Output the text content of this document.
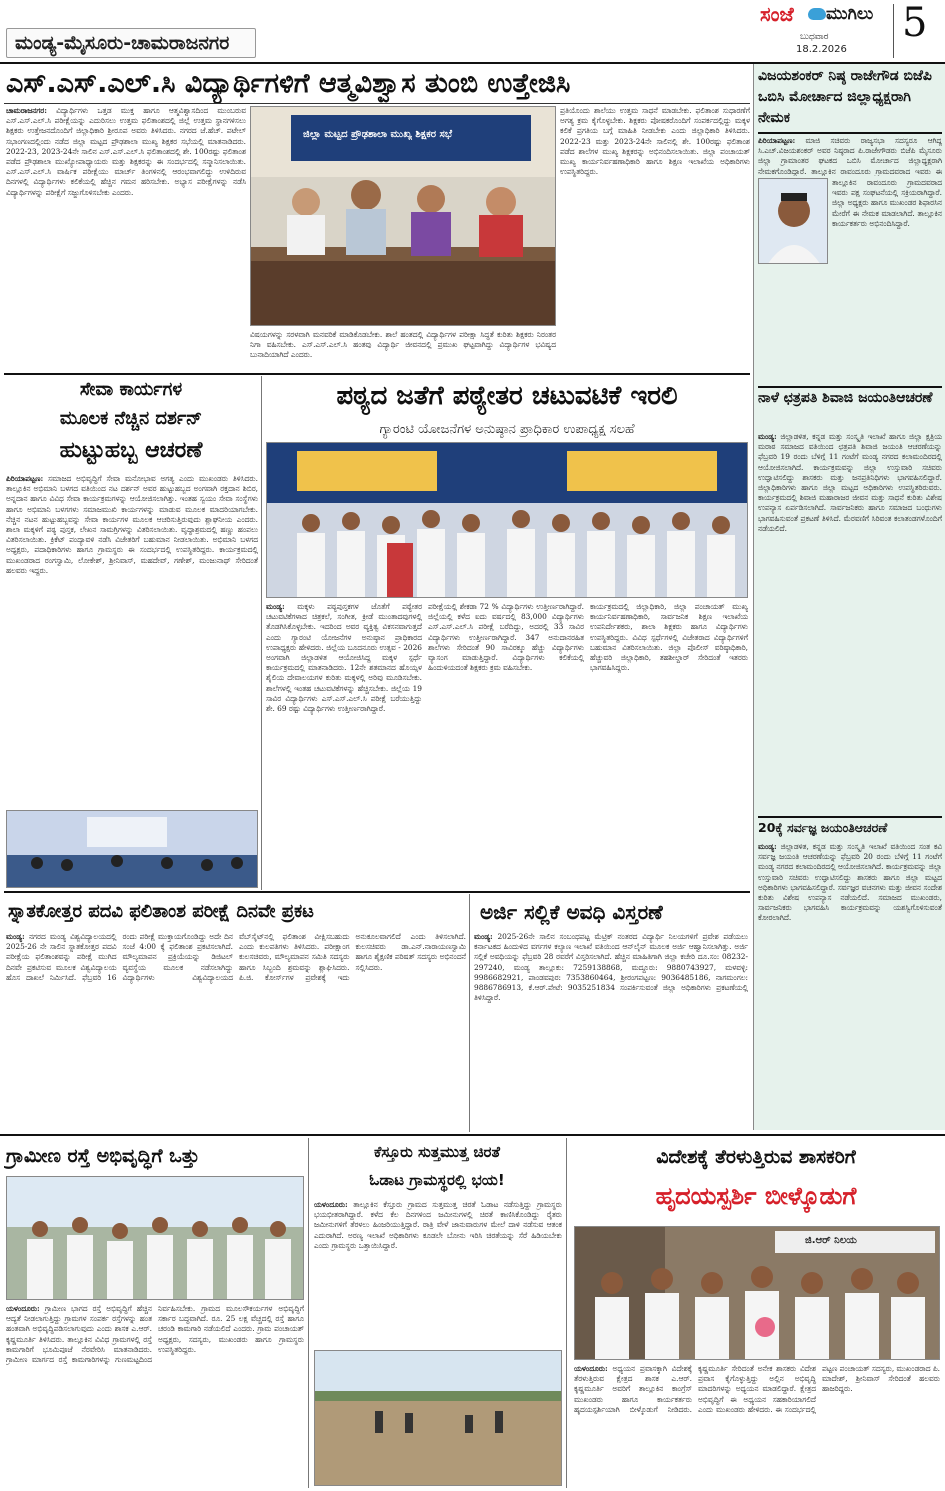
ಮಂಡ್ಯ-ಮೈಸೂರು-ಚಾಮರಾಜನಗರ
ಸಂಜೆ ಮುಗಿಲು
ಬುಧವಾರ
18.2.2026
5
ಎಸ್.ಎಸ್.ಎಲ್.ಸಿ ವಿದ್ಯಾರ್ಥಿಗಳಿಗೆ ಆತ್ಮವಿಶ್ವಾಸ ತುಂಬಿ ಉತ್ತೇಜಿಸಿ

ಚಾಮರಾಜನಗರ: ವಿದ್ಯಾರ್ಥಿಗಳು ಒತ್ತಡ ಮುಕ್ತ ಹಾಗೂ ಆತ್ಮವಿಶ್ವಾಸದಿಂದ ಮುಂಬರುವ ಎಸ್.ಎಸ್.ಎಲ್.ಸಿ ಪರೀಕ್ಷೆಯನ್ನು ಎದುರಿಸಲು ಉತ್ತಮ ಫಲಿತಾಂಶದಲ್ಲಿ ಜಿಲ್ಲೆ ಉತ್ತಮ ಸ್ಥಾನಗಳಿಸಲು ಶಿಕ್ಷಕರು ಉತ್ತೇಜನದೊಂದಿಗೆ ಜಿಲ್ಲಾಧಿಕಾರಿ ಶ್ರೀರೂಪ ಅವರು ತಿಳಿಸಿದರು. ನಗರದ ಜೆ.ಹೆಚ್. ಪಟೇಲ್ ಸಭಾಂಗಣದಲ್ಲಿಂದು ನಡೆದ ಜಿಲ್ಲಾ ಮಟ್ಟದ ಪ್ರೌಢಶಾಲಾ ಮುಖ್ಯ ಶಿಕ್ಷಕರ ಸಭೆಯಲ್ಲಿ ಮಾತನಾಡಿದರು. 2022-23, 2023-24ನೇ ಸಾಲಿನ ಎಸ್.ಎಸ್.ಎಲ್.ಸಿ ಫಲಿತಾಂಶದಲ್ಲಿ ಶೇ. 100ರಷ್ಟು ಫಲಿತಾಂಶ ಪಡೆದ ಪ್ರೌಢಶಾಲಾ ಮುಖ್ಯೋಪಾಧ್ಯಾಯರು ಮತ್ತು ಶಿಕ್ಷಕರನ್ನು ಈ ಸಂದರ್ಭದಲ್ಲಿ ಸನ್ಮಾನಿಸಲಾಯಿತು. ಎಸ್.ಎಸ್.ಎಲ್.ಸಿ ವಾರ್ಷಿಕ ಪರೀಕ್ಷೆಯು ಮಾರ್ಚ್ ತಿಂಗಳಿನಲ್ಲಿ ಆರಂಭವಾಗಲಿದ್ದು ಉಳಿದಿರುವ ದಿನಗಳಲ್ಲಿ ವಿದ್ಯಾರ್ಥಿಗಳು ಕಲಿಕೆಯಲ್ಲಿ ಹೆಚ್ಚಿನ ಗಮನ ಹರಿಸಬೇಕು. ಅಭ್ಯಾಸ ಪರೀಕ್ಷೆಗಳನ್ನು ನಡೆಸಿ ವಿದ್ಯಾರ್ಥಿಗಳನ್ನು ಪರೀಕ್ಷೆಗೆ ಸಜ್ಜುಗೊಳಿಸಬೇಕು ಎಂದರು.

ಜಿಲ್ಲಾ ಮಟ್ಟದ ಪ್ರೌಢಶಾಲಾ ಮುಖ್ಯ ಶಿಕ್ಷಕರ ಸಭೆ

ವಿಷಯಗಳನ್ನು ಸರಳವಾಗಿ ಮನವರಿಕೆ ಮಾಡಿಕೊಡಬೇಕು. ಶಾಲೆ ಹಂತದಲ್ಲಿ ವಿದ್ಯಾರ್ಥಿಗಳ ಪರೀಕ್ಷಾ ಸಿದ್ಧತೆ ಕುರಿತು ಶಿಕ್ಷಕರು ನಿರಂತರ ನಿಗಾ ವಹಿಸಬೇಕು. ಎಸ್.ಎಸ್.ಎಲ್.ಸಿ ಹಂತವು ವಿದ್ಯಾರ್ಥಿ ಜೀವನದಲ್ಲಿ ಪ್ರಮುಖ ಘಟ್ಟವಾಗಿದ್ದು ವಿದ್ಯಾರ್ಥಿಗಳ ಭವಿಷ್ಯದ ಬುನಾದಿಯಾಗಿದೆ ಎಂದರು.

ಪ್ರತಿಯೊಂದು ಶಾಲೆಯು ಉತ್ತಮ ಸಾಧನೆ ಮಾಡಬೇಕು. ಫಲಿತಾಂಶ ಸುಧಾರಣೆಗೆ ಅಗತ್ಯ ಕ್ರಮ ಕೈಗೊಳ್ಳಬೇಕು. ಶಿಕ್ಷಕರು ಪೋಷಕರೊಂದಿಗೆ ಸಂಪರ್ಕದಲ್ಲಿದ್ದು ಮಕ್ಕಳ ಕಲಿಕೆ ಪ್ರಗತಿಯ ಬಗ್ಗೆ ಮಾಹಿತಿ ನೀಡಬೇಕು ಎಂದು ಜಿಲ್ಲಾಧಿಕಾರಿ ತಿಳಿಸಿದರು. 2022-23 ಮತ್ತು 2023-24ನೇ ಸಾಲಿನಲ್ಲಿ ಶೇ. 100ರಷ್ಟು ಫಲಿತಾಂಶ ಪಡೆದ ಶಾಲೆಗಳ ಮುಖ್ಯ ಶಿಕ್ಷಕರನ್ನು ಅಭಿನಂದಿಸಲಾಯಿತು. ಜಿಲ್ಲಾ ಪಂಚಾಯತ್ ಮುಖ್ಯ ಕಾರ್ಯನಿರ್ವಹಣಾಧಿಕಾರಿ ಹಾಗೂ ಶಿಕ್ಷಣ ಇಲಾಖೆಯ ಅಧಿಕಾರಿಗಳು ಉಪಸ್ಥಿತರಿದ್ದರು.

ವಿಜಯಶಂಕರ್ ನಿಷ್ಠ ರಾಜೇಗೌಡ ಬಿಜೆಪಿ ಒಬಿಸಿ ಮೋರ್ಚಾದ ಜಿಲ್ಲಾಧ್ಯಕ್ಷರಾಗಿ ನೇಮಕ

ಪಿರಿಯಾಪಟ್ಟಣ: ಮಾಜಿ ಸಚಿವರು ರಾಜ್ಯಸಭಾ ಸದಸ್ಯರೂ ಆಗಿದ್ದ ಸಿ.ಎಚ್.ವಿಜಯಶಂಕರ್ ಅವರ ನಿಷ್ಠರಾದ ಪಿ.ರಾಜೇಗೌಡರು ಬಿಜೆಪಿ ಮೈಸೂರು ಜಿಲ್ಲಾ ಗ್ರಾಮಾಂತರ ಘಟಕದ ಒಬಿಸಿ ಮೋರ್ಚಾದ ಜಿಲ್ಲಾಧ್ಯಕ್ಷರಾಗಿ ನೇಮಕಗೊಂಡಿದ್ದಾರೆ. ತಾಲ್ಲೂಕಿನ ರಾವಂದೂರು ಗ್ರಾಮದವರಾದ ಇವರು ಈ

ತಾಲ್ಲೂಕಿನ ರಾವಂದೂರು ಗ್ರಾಮದವರಾದ ಇವರು ಪಕ್ಷ ಸಂಘಟನೆಯಲ್ಲಿ ಸಕ್ರಿಯರಾಗಿದ್ದಾರೆ. ಜಿಲ್ಲಾ ಅಧ್ಯಕ್ಷರು ಹಾಗೂ ಮುಖಂಡರ ಶಿಫಾರಸಿನ ಮೇರೆಗೆ ಈ ನೇಮಕ ಮಾಡಲಾಗಿದೆ. ತಾಲ್ಲೂಕಿನ ಕಾರ್ಯಕರ್ತರು ಅಭಿನಂದಿಸಿದ್ದಾರೆ.

ನಾಳೆ ಛತ್ರಪತಿ ಶಿವಾಜಿ ಜಯಂತಿಆಚರಣೆ

ಮಂಡ್ಯ: ಜಿಲ್ಲಾಡಳಿತ, ಕನ್ನಡ ಮತ್ತು ಸಂಸ್ಕೃತಿ ಇಲಾಖೆ ಹಾಗೂ ಜಿಲ್ಲಾ ಕ್ಷತ್ರಿಯ ಮರಾಠ ಸಮಾಜದ ವತಿಯಿಂದ ಛತ್ರಪತಿ ಶಿವಾಜಿ ಜಯಂತಿ ಆಚರಣೆಯನ್ನು ಫೆಬ್ರವರಿ 19 ರಂದು ಬೆಳಿಗ್ಗೆ 11 ಗಂಟೆಗೆ ಮಂಡ್ಯ ನಗರದ ಕಲಾಮಂದಿರದಲ್ಲಿ ಆಯೋಜಿಸಲಾಗಿದೆ. ಕಾರ್ಯಕ್ರಮವನ್ನು ಜಿಲ್ಲಾ ಉಸ್ತುವಾರಿ ಸಚಿವರು ಉದ್ಘಾಟಿಸಲಿದ್ದು ಶಾಸಕರು ಮತ್ತು ಜನಪ್ರತಿನಿಧಿಗಳು ಭಾಗವಹಿಸಲಿದ್ದಾರೆ. ಜಿಲ್ಲಾಧಿಕಾರಿಗಳು ಹಾಗೂ ಜಿಲ್ಲಾ ಮಟ್ಟದ ಅಧಿಕಾರಿಗಳು ಉಪಸ್ಥಿತರಿರುವರು. ಕಾರ್ಯಕ್ರಮದಲ್ಲಿ ಶಿವಾಜಿ ಮಹಾರಾಜರ ಜೀವನ ಮತ್ತು ಸಾಧನೆ ಕುರಿತು ವಿಶೇಷ ಉಪನ್ಯಾಸ ಏರ್ಪಡಿಸಲಾಗಿದೆ. ಸಾರ್ವಜನಿಕರು ಹಾಗೂ ಸಮಾಜದ ಬಂಧುಗಳು ಭಾಗವಹಿಸುವಂತೆ ಪ್ರಕಟಣೆ ತಿಳಿಸಿದೆ. ಮೆರವಣಿಗೆ ಸಿರಿವಂತ ಕಲಾತಂಡಗಳೊಂದಿಗೆ ನಡೆಯಲಿದೆ.

20ಕ್ಕೆ ಸರ್ವಜ್ಞ ಜಯಂತಿಆಚರಣೆ

ಮಂಡ್ಯ: ಜಿಲ್ಲಾಡಳಿತ, ಕನ್ನಡ ಮತ್ತು ಸಂಸ್ಕೃತಿ ಇಲಾಖೆ ವತಿಯಿಂದ ಸಂತ ಕವಿ ಸರ್ವಜ್ಞ ಜಯಂತಿ ಆಚರಣೆಯನ್ನು ಫೆಬ್ರವರಿ 20 ರಂದು ಬೆಳಿಗ್ಗೆ 11 ಗಂಟೆಗೆ ಮಂಡ್ಯ ನಗರದ ಕಲಾಮಂದಿರದಲ್ಲಿ ಆಯೋಜಿಸಲಾಗಿದೆ. ಕಾರ್ಯಕ್ರಮವನ್ನು ಜಿಲ್ಲಾ ಉಸ್ತುವಾರಿ ಸಚಿವರು ಉದ್ಘಾಟಿಸಲಿದ್ದು ಶಾಸಕರು ಹಾಗೂ ಜಿಲ್ಲಾ ಮಟ್ಟದ ಅಧಿಕಾರಿಗಳು ಭಾಗವಹಿಸಲಿದ್ದಾರೆ. ಸರ್ವಜ್ಞರ ವಚನಗಳು ಮತ್ತು ಜೀವನ ಸಂದೇಶ ಕುರಿತು ವಿಶೇಷ ಉಪನ್ಯಾಸ ನಡೆಯಲಿದೆ. ಸಮಾಜದ ಮುಖಂಡರು, ಸಾರ್ವಜನಿಕರು ಭಾಗವಹಿಸಿ ಕಾರ್ಯಕ್ರಮವನ್ನು ಯಶಸ್ವಿಗೊಳಿಸುವಂತೆ ಕೋರಲಾಗಿದೆ.

ಸೇವಾ ಕಾರ್ಯಗಳ

ಮೂಲಕ ನೆಚ್ಚಿನ ದರ್ಶನ್

ಹುಟ್ಟುಹಬ್ಬ ಆಚರಣೆ

ಪಿರಿಯಾಪಟ್ಟಣ: ಸಮಾಜದ ಅಭಿವೃದ್ಧಿಗೆ ಸೇವಾ ಮನೋಭಾವ ಅಗತ್ಯ ಎಂದು ಮುಖಂಡರು ತಿಳಿಸಿದರು. ತಾಲ್ಲೂಕಿನ ಅಭಿಮಾನಿ ಬಳಗದ ವತಿಯಿಂದ ನಟ ದರ್ಶನ್ ಅವರ ಹುಟ್ಟುಹಬ್ಬದ ಅಂಗವಾಗಿ ರಕ್ತದಾನ ಶಿಬಿರ, ಅನ್ನದಾನ ಹಾಗೂ ವಿವಿಧ ಸೇವಾ ಕಾರ್ಯಕ್ರಮಗಳನ್ನು ಆಯೋಜಿಸಲಾಗಿತ್ತು. ಇಂತಹ ಸ್ವಯಂ ಸೇವಾ ಸಂಸ್ಥೆಗಳು ಹಾಗೂ ಅಭಿಮಾನಿ ಬಳಗಗಳು ಸಮಾಜಮುಖಿ ಕಾರ್ಯಗಳನ್ನು ಮಾಡುವ ಮೂಲಕ ಮಾದರಿಯಾಗಬೇಕು. ನೆಚ್ಚಿನ ನಟನ ಹುಟ್ಟುಹಬ್ಬವನ್ನು ಸೇವಾ ಕಾರ್ಯಗಳ ಮೂಲಕ ಆಚರಿಸುತ್ತಿರುವುದು ಶ್ಲಾಘನೀಯ ಎಂದರು. ಶಾಲಾ ಮಕ್ಕಳಿಗೆ ಪಠ್ಯ ಪುಸ್ತಕ, ಲೇಖನ ಸಾಮಗ್ರಿಗಳನ್ನು ವಿತರಿಸಲಾಯಿತು. ವೃದ್ಧಾಶ್ರಮದಲ್ಲಿ ಹಣ್ಣು ಹಂಪಲು ವಿತರಿಸಲಾಯಿತು. ಕ್ರಿಕೆಟ್ ಪಂದ್ಯಾವಳಿ ನಡೆಸಿ ವಿಜೇತರಿಗೆ ಬಹುಮಾನ ನೀಡಲಾಯಿತು. ಅಭಿಮಾನಿ ಬಳಗದ ಅಧ್ಯಕ್ಷರು, ಪದಾಧಿಕಾರಿಗಳು ಹಾಗೂ ಗ್ರಾಮಸ್ಥರು ಈ ಸಂದರ್ಭದಲ್ಲಿ ಉಪಸ್ಥಿತರಿದ್ದರು. ಕಾರ್ಯಕ್ರಮದಲ್ಲಿ ಮುಖಂಡರಾದ ರಂಗಸ್ವಾಮಿ, ಲೋಕೇಶ್, ಶ್ರೀನಿವಾಸ್, ಮಹದೇವ್, ಗಣೇಶ್, ಮಂಜುನಾಥ್ ಸೇರಿದಂತೆ ಹಲವರು ಇದ್ದರು.

ಪಠ್ಯದ ಜತೆಗೆ ಪಠ್ಯೇತರ ಚಟುವಟಿಕೆ ಇರಲಿ
ಗ್ಯಾರಂಟಿ ಯೋಜನೆಗಳ ಅನುಷ್ಠಾನ ಪ್ರಾಧಿಕಾರ ಉಪಾಧ್ಯಕ್ಷ ಸಲಹೆ

ಮಂಡ್ಯ: ಮಕ್ಕಳು ಪಠ್ಯಪುಸ್ತಕಗಳ ಜೊತೆಗೆ ಪಠ್ಯೇತರ ಚಟುವಟಿಕೆಗಳಾದ ಚಿತ್ರಕಲೆ, ಸಂಗೀತ, ಕ್ರೀಡೆ ಮುಂತಾದವುಗಳಲ್ಲಿ ತೊಡಗಿಸಿಕೊಳ್ಳಬೇಕು. ಇದರಿಂದ ಅವರ ವ್ಯಕ್ತಿತ್ವ ವಿಕಸನವಾಗುತ್ತದೆ ಎಂದು ಗ್ಯಾರಂಟಿ ಯೋಜನೆಗಳ ಅನುಷ್ಠಾನ ಪ್ರಾಧಿಕಾರದ ಉಪಾಧ್ಯಕ್ಷರು ಹೇಳಿದರು. ಜಿಲ್ಲೆಯ ಬೂದನೂರು ಉತ್ಸವ - 2026 ಅಂಗವಾಗಿ ಜಿಲ್ಲಾಡಳಿತ ಆಯೋಜಿಸಿದ್ದ ಮಕ್ಕಳ ಸ್ಪರ್ಧೆ ಕಾರ್ಯಕ್ರಮದಲ್ಲಿ ಮಾತನಾಡಿದರು. 12ನೇ ಶತಮಾನದ ಹೊಯ್ಸಳ ಶೈಲಿಯ ದೇವಾಲಯಗಳ ಕುರಿತು ಮಕ್ಕಳಲ್ಲಿ ಅರಿವು ಮೂಡಿಸಬೇಕು. ಶಾಲೆಗಳಲ್ಲಿ ಇಂತಹ ಚಟುವಟಿಕೆಗಳನ್ನು ಹೆಚ್ಚಿಸಬೇಕು. ಜಿಲ್ಲೆಯ 19 ಸಾವಿರ ವಿದ್ಯಾರ್ಥಿಗಳು ಎಸ್.ಎಸ್.ಎಲ್.ಸಿ ಪರೀಕ್ಷೆ ಬರೆಯುತ್ತಿದ್ದು ಶೇ. 69 ರಷ್ಟು ವಿದ್ಯಾರ್ಥಿಗಳು ಉತ್ತೀರ್ಣರಾಗಿದ್ದಾರೆ.

ಪರೀಕ್ಷೆಯಲ್ಲಿ ಶೇಕಡಾ 72 % ವಿದ್ಯಾರ್ಥಿಗಳು ಉತ್ತೀರ್ಣರಾಗಿದ್ದಾರೆ. ಜಿಲ್ಲೆಯಲ್ಲಿ ಕಳೆದ ಐದು ವರ್ಷದಲ್ಲಿ 83,000 ವಿದ್ಯಾರ್ಥಿಗಳು ಎಸ್.ಎಸ್.ಎಲ್.ಸಿ ಪರೀಕ್ಷೆ ಬರೆದಿದ್ದು, ಅದರಲ್ಲಿ 33 ಸಾವಿರ ವಿದ್ಯಾರ್ಥಿಗಳು ಉತ್ತೀರ್ಣರಾಗಿದ್ದಾರೆ. 347 ಅನುದಾನರಹಿತ ಶಾಲೆಗಳು ಸೇರಿದಂತೆ 90 ಸಾವಿರಕ್ಕೂ ಹೆಚ್ಚು ವಿದ್ಯಾರ್ಥಿಗಳು ವ್ಯಾಸಂಗ ಮಾಡುತ್ತಿದ್ದಾರೆ. ವಿದ್ಯಾರ್ಥಿಗಳು ಕಲಿಕೆಯಲ್ಲಿ ಹಿಂದುಳಿಯದಂತೆ ಶಿಕ್ಷಕರು ಕ್ರಮ ವಹಿಸಬೇಕು.

ಕಾರ್ಯಕ್ರಮದಲ್ಲಿ ಜಿಲ್ಲಾಧಿಕಾರಿ, ಜಿಲ್ಲಾ ಪಂಚಾಯತ್ ಮುಖ್ಯ ಕಾರ್ಯನಿರ್ವಹಣಾಧಿಕಾರಿ, ಸಾರ್ವಜನಿಕ ಶಿಕ್ಷಣ ಇಲಾಖೆಯ ಉಪನಿರ್ದೇಶಕರು, ಶಾಲಾ ಶಿಕ್ಷಕರು ಹಾಗೂ ವಿದ್ಯಾರ್ಥಿಗಳು ಉಪಸ್ಥಿತರಿದ್ದರು. ವಿವಿಧ ಸ್ಪರ್ಧೆಗಳಲ್ಲಿ ವಿಜೇತರಾದ ವಿದ್ಯಾರ್ಥಿಗಳಿಗೆ ಬಹುಮಾನ ವಿತರಿಸಲಾಯಿತು. ಜಿಲ್ಲಾ ಪೊಲೀಸ್ ವರಿಷ್ಠಾಧಿಕಾರಿ, ಹೆಚ್ಚುವರಿ ಜಿಲ್ಲಾಧಿಕಾರಿ, ತಹಶೀಲ್ದಾರ್ ಸೇರಿದಂತೆ ಇತರರು ಭಾಗವಹಿಸಿದ್ದರು.

ಸ್ನಾತಕೋತ್ತರ ಪದವಿ ಫಲಿತಾಂಶ ಪರೀಕ್ಷೆ ದಿನವೇ ಪ್ರಕಟ

ಮಂಡ್ಯ: ನಗರದ ಮಂಡ್ಯ ವಿಶ್ವವಿದ್ಯಾಲಯದಲ್ಲಿ 2025-26 ನೇ ಸಾಲಿನ ಸ್ನಾತಕೋತ್ತರ ಪದವಿ ಪರೀಕ್ಷೆಯ ಫಲಿತಾಂಶವನ್ನು ಪರೀಕ್ಷೆ ಮುಗಿದ ದಿನವೇ ಪ್ರಕಟಿಸುವ ಮೂಲಕ ವಿಶ್ವವಿದ್ಯಾಲಯ ಹೊಸ ದಾಖಲೆ ನಿರ್ಮಿಸಿದೆ. ಫೆಬ್ರವರಿ 16 ರಂದು ಪರೀಕ್ಷೆ ಮುಕ್ತಾಯಗೊಂಡಿದ್ದು ಅದೇ ದಿನ ಸಂಜೆ 4:00 ಕ್ಕೆ ಫಲಿತಾಂಶ ಪ್ರಕಟಿಸಲಾಗಿದೆ. ಮೌಲ್ಯಮಾಪನ ಪ್ರಕ್ರಿಯೆಯನ್ನು ಡಿಜಿಟಲ್ ವ್ಯವಸ್ಥೆಯ ಮೂಲಕ ನಡೆಸಲಾಗಿದ್ದು ವಿದ್ಯಾರ್ಥಿಗಳು ವಿಶ್ವವಿದ್ಯಾಲಯದ ವೆಬ್‌ಸೈಟ್‌ನಲ್ಲಿ ಫಲಿತಾಂಶ ವೀಕ್ಷಿಸಬಹುದು ಎಂದು ಕುಲಪತಿಗಳು ತಿಳಿಸಿದರು. ಪರೀಕ್ಷಾಂಗ ಕುಲಸಚಿವರು, ಮೌಲ್ಯಮಾಪನ ಸಮಿತಿ ಸದಸ್ಯರು ಹಾಗೂ ಸಿಬ್ಬಂದಿ ಶ್ರಮವನ್ನು ಶ್ಲಾಘಿಸಿದರು. ಪಿ.ಜಿ. ಕೋರ್ಸ್‌ಗಳ ಪ್ರವೇಶಕ್ಕೆ ಇದು ಅನುಕೂಲವಾಗಲಿದೆ ಎಂದು ತಿಳಿಸಲಾಗಿದೆ. ಕುಲಸಚಿವರು ಡಾ.ಎನ್.ನಾರಾಯಣಸ್ವಾಮಿ ಹಾಗೂ ಶೈಕ್ಷಣಿಕ ಪರಿಷತ್ ಸದಸ್ಯರು ಅಭಿನಂದನೆ ಸಲ್ಲಿಸಿದರು.

ಅರ್ಜಿ ಸಲ್ಲಿಕೆ ಅವಧಿ ವಿಸ್ತರಣೆ

ಮಂಡ್ಯ: 2025-26ನೇ ಸಾಲಿನ ಸಂಬಂಧಪಟ್ಟ ಮೆಟ್ರಿಕ್ ನಂತರದ ವಿದ್ಯಾರ್ಥಿ ನಿಲಯಗಳಿಗೆ ಪ್ರವೇಶ ಪಡೆಯಲು ಕರ್ನಾಟಕದ ಹಿಂದುಳಿದ ವರ್ಗಗಳ ಕಲ್ಯಾಣ ಇಲಾಖೆ ವತಿಯಿಂದ ಆನ್‌ಲೈನ್ ಮೂಲಕ ಅರ್ಜಿ ಆಹ್ವಾನಿಸಲಾಗಿತ್ತು. ಅರ್ಜಿ ಸಲ್ಲಿಕೆ ಅವಧಿಯನ್ನು ಫೆಬ್ರವರಿ 28 ರವರೆಗೆ ವಿಸ್ತರಿಸಲಾಗಿದೆ. ಹೆಚ್ಚಿನ ಮಾಹಿತಿಗಾಗಿ ಜಿಲ್ಲಾ ಕಚೇರಿ ದೂ.ಸಂ: 08232-297240, ಮಂಡ್ಯ ತಾಲ್ಲೂಕು: 7259138868, ಮದ್ದೂರು: 9880743927, ಮಳವಳ್ಳಿ: 9986682921, ಪಾಂಡವಪುರ: 7353860464, ಶ್ರೀರಂಗಪಟ್ಟಣ: 9036485186, ನಾಗಮಂಗಲ: 9886786913, ಕೆ.ಆರ್.ಪೇಟೆ: 9035251834 ಸಂಪರ್ಕಿಸುವಂತೆ ಜಿಲ್ಲಾ ಅಧಿಕಾರಿಗಳು ಪ್ರಕಟಣೆಯಲ್ಲಿ ತಿಳಿಸಿದ್ದಾರೆ.

ಗ್ರಾಮೀಣ ರಸ್ತೆ ಅಭಿವೃದ್ಧಿಗೆ ಒತ್ತು

ಯಳಂದೂರು: ಗ್ರಾಮೀಣ ಭಾಗದ ರಸ್ತೆ ಅಭಿವೃದ್ಧಿಗೆ ಹೆಚ್ಚಿನ ಆದ್ಯತೆ ನೀಡಲಾಗುತ್ತಿದ್ದು ಗ್ರಾಮಗಳ ಸಂಪರ್ಕ ರಸ್ತೆಗಳನ್ನು ಹಂತ ಹಂತವಾಗಿ ಅಭಿವೃದ್ಧಿಪಡಿಸಲಾಗುವುದು ಎಂದು ಶಾಸಕ ಎ.ಆರ್. ಕೃಷ್ಣಮೂರ್ತಿ ತಿಳಿಸಿದರು. ತಾಲ್ಲೂಕಿನ ವಿವಿಧ ಗ್ರಾಮಗಳಲ್ಲಿ ರಸ್ತೆ ಕಾಮಗಾರಿಗೆ ಭೂಮಿಪೂಜೆ ನೆರವೇರಿಸಿ ಮಾತನಾಡಿದರು. ಗ್ರಾಮೀಣ ಮಾರ್ಗದ ರಸ್ತೆ ಕಾಮಗಾರಿಗಳನ್ನು ಗುಣಮಟ್ಟದಿಂದ ನಿರ್ವಹಿಸಬೇಕು. ಗ್ರಾಮದ ಮೂಲಸೌಕರ್ಯಗಳ ಅಭಿವೃದ್ಧಿಗೆ ಸರ್ಕಾರ ಬದ್ಧವಾಗಿದೆ. ರೂ. 25 ಲಕ್ಷ ವೆಚ್ಚದಲ್ಲಿ ರಸ್ತೆ ಹಾಗೂ ಚರಂಡಿ ಕಾಮಗಾರಿ ನಡೆಯಲಿದೆ ಎಂದರು. ಗ್ರಾಮ ಪಂಚಾಯತ್ ಅಧ್ಯಕ್ಷರು, ಸದಸ್ಯರು, ಮುಖಂಡರು ಹಾಗೂ ಗ್ರಾಮಸ್ಥರು ಉಪಸ್ಥಿತರಿದ್ದರು.

ಕೆಸ್ತೂರು ಸುತ್ತಮುತ್ತ ಚಿರತೆ

ಓಡಾಟ ಗ್ರಾಮಸ್ಥರಲ್ಲಿ ಭಯ!

ಯಳಂದೂರು: ತಾಲ್ಲೂಕಿನ ಕೆಸ್ತೂರು ಗ್ರಾಮದ ಸುತ್ತಮುತ್ತ ಚಿರತೆ ಓಡಾಟ ನಡೆಸುತ್ತಿದ್ದು ಗ್ರಾಮಸ್ಥರು ಭಯಭೀತರಾಗಿದ್ದಾರೆ. ಕಳೆದ ಕೆಲ ದಿನಗಳಿಂದ ಜಮೀನುಗಳಲ್ಲಿ ಚಿರತೆ ಕಾಣಿಸಿಕೊಂಡಿದ್ದು ರೈತರು ಜಮೀನುಗಳಿಗೆ ತೆರಳಲು ಹಿಂಜರಿಯುತ್ತಿದ್ದಾರೆ. ರಾತ್ರಿ ವೇಳೆ ಜಾನುವಾರುಗಳ ಮೇಲೆ ದಾಳಿ ನಡೆಸುವ ಆತಂಕ ಎದುರಾಗಿದೆ. ಅರಣ್ಯ ಇಲಾಖೆ ಅಧಿಕಾರಿಗಳು ಕೂಡಲೇ ಬೋನು ಇರಿಸಿ ಚಿರತೆಯನ್ನು ಸೆರೆ ಹಿಡಿಯಬೇಕು ಎಂದು ಗ್ರಾಮಸ್ಥರು ಒತ್ತಾಯಿಸಿದ್ದಾರೆ.

ವಿದೇಶಕ್ಕೆ ತೆರಳುತ್ತಿರುವ ಶಾಸಕರಿಗೆ

ಹೃದಯಸ್ಪರ್ಶಿ ಬೀಳ್ಕೊಡುಗೆ

ಜಿ.ಆರ್ ನಿಲಯ

ಯಳಂದೂರು: ಅಧ್ಯಯನ ಪ್ರವಾಸಕ್ಕಾಗಿ ವಿದೇಶಕ್ಕೆ ತೆರಳುತ್ತಿರುವ ಕ್ಷೇತ್ರದ ಶಾಸಕ ಎ.ಆರ್. ಕೃಷ್ಣಮೂರ್ತಿ ಅವರಿಗೆ ತಾಲ್ಲೂಕಿನ ಕಾಂಗ್ರೆಸ್ ಮುಖಂಡರು ಹಾಗೂ ಕಾರ್ಯಕರ್ತರು ಹೃದಯಸ್ಪರ್ಶಿಯಾಗಿ ಬೀಳ್ಕೊಡುಗೆ ನೀಡಿದರು. ಕೃಷ್ಣಮೂರ್ತಿ ಸೇರಿದಂತೆ ಅನೇಕ ಶಾಸಕರು ವಿದೇಶ ಪ್ರವಾಸ ಕೈಗೊಳ್ಳುತ್ತಿದ್ದು ಅಲ್ಲಿನ ಅಭಿವೃದ್ಧಿ ಮಾದರಿಗಳನ್ನು ಅಧ್ಯಯನ ಮಾಡಲಿದ್ದಾರೆ. ಕ್ಷೇತ್ರದ ಅಭಿವೃದ್ಧಿಗೆ ಈ ಅಧ್ಯಯನ ಸಹಕಾರಿಯಾಗಲಿದೆ ಎಂದು ಮುಖಂಡರು ಹೇಳಿದರು. ಈ ಸಂದರ್ಭದಲ್ಲಿ ಪಟ್ಟಣ ಪಂಚಾಯತ್ ಸದಸ್ಯರು, ಮುಖಂಡರಾದ ಪಿ. ಮಾದೇಶ್, ಶ್ರೀನಿವಾಸ್ ಸೇರಿದಂತೆ ಹಲವರು ಹಾಜರಿದ್ದರು.
